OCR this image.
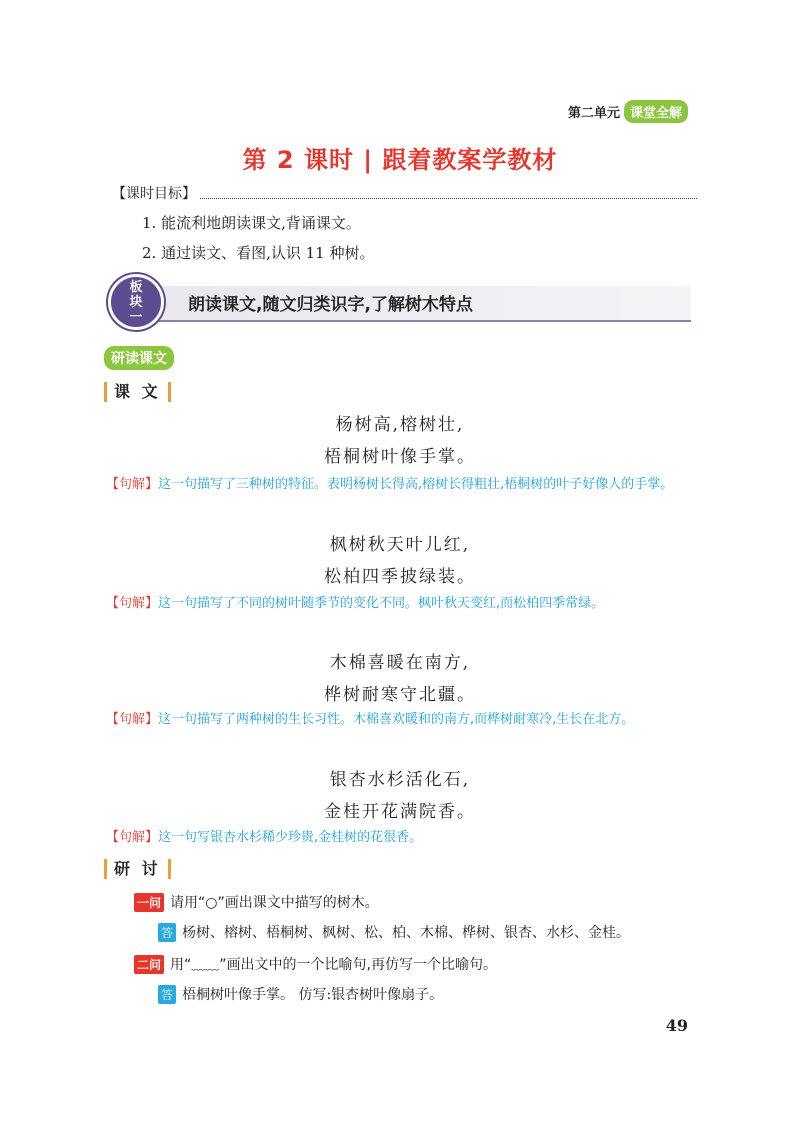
第二单元 课堂全解
第 2 课时 | 跟着教案学教材
【课时目标】
1. 能流利地朗读课文,背诵课文。
2. 通过读文、看图,认识 11 种树。
板
块
一
朗读课文,随文归类识字,了解树木特点
研读课文
课 文
杨树高,榕树壮,
梧桐树叶像手掌。
【句解】这一句描写了三种树的特征。表明杨树长得高,榕树长得粗壮,梧桐树的叶子好像人的手掌。
枫树秋天叶儿红,
松柏四季披绿装。
【句解】这一句描写了不同的树叶随季节的变化不同。枫叶秋天变红,而松柏四季常绿。
木棉喜暖在南方,
桦树耐寒守北疆。
【句解】这一句描写了两种树的生长习性。木棉喜欢暖和的南方,而桦树耐寒冷,生长在北方。
银杏水杉活化石,
金桂开花满院香。
【句解】这一句写银杏水杉稀少珍贵,金桂树的花很香。
研 讨
一问 请用“○”画出课文中描写的树木。
答 杨树、榕树、梧桐树、枫树、松、柏、木棉、桦树、银杏、水杉、金桂。
二问 用“﹏﹏”画出文中的一个比喻句,再仿写一个比喻句。
答 梧桐树叶像手掌。 仿写:银杏树叶像扇子。
49
